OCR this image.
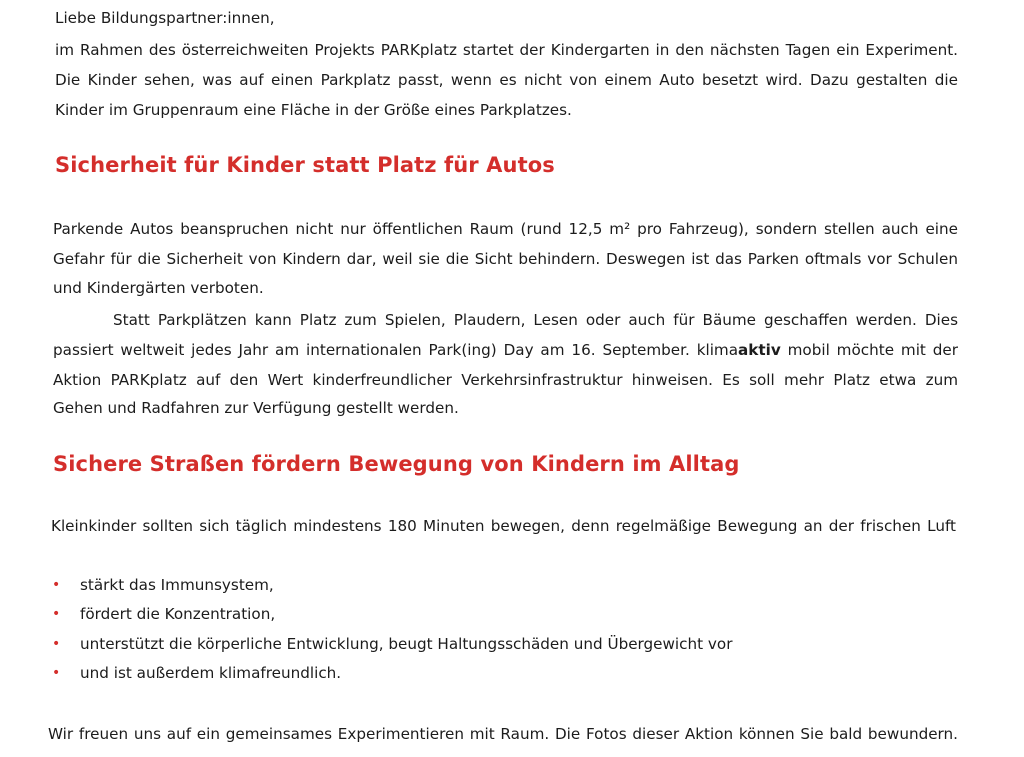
Liebe Bildungspartner:innen,
im Rahmen des österreichweiten Projekts PARKplatz startet der Kindergarten in den nächsten Tagen ein Experiment.
Die Kinder sehen, was auf einen Parkplatz passt, wenn es nicht von einem Auto besetzt wird. Dazu gestalten die
Kinder im Gruppenraum eine Fläche in der Größe eines Parkplatzes.
Sicherheit für Kinder statt Platz für Autos
Parkende Autos beanspruchen nicht nur öffentlichen Raum (rund 12,5 m² pro Fahrzeug), sondern stellen auch eine
Gefahr für die Sicherheit von Kindern dar, weil sie die Sicht behindern. Deswegen ist das Parken oftmals vor Schulen
und Kindergärten verboten.
Statt Parkplätzen kann Platz zum Spielen, Plaudern, Lesen oder auch für Bäume geschaffen werden. Dies
passiert weltweit jedes Jahr am internationalen Park(ing) Day am 16. September. klimaaktiv mobil möchte mit der
Aktion PARKplatz auf den Wert kinderfreundlicher Verkehrsinfrastruktur hinweisen. Es soll mehr Platz etwa zum
Gehen und Radfahren zur Verfügung gestellt werden.
Sichere Straßen fördern Bewegung von Kindern im Alltag
Kleinkinder sollten sich täglich mindestens 180 Minuten bewegen, denn regelmäßige Bewegung an der frischen Luft
• stärkt das Immunsystem,
• fördert die Konzentration,
• unterstützt die körperliche Entwicklung, beugt Haltungsschäden und Übergewicht vor
• und ist außerdem klimafreundlich.
Wir freuen uns auf ein gemeinsames Experimentieren mit Raum. Die Fotos dieser Aktion können Sie bald bewundern.
